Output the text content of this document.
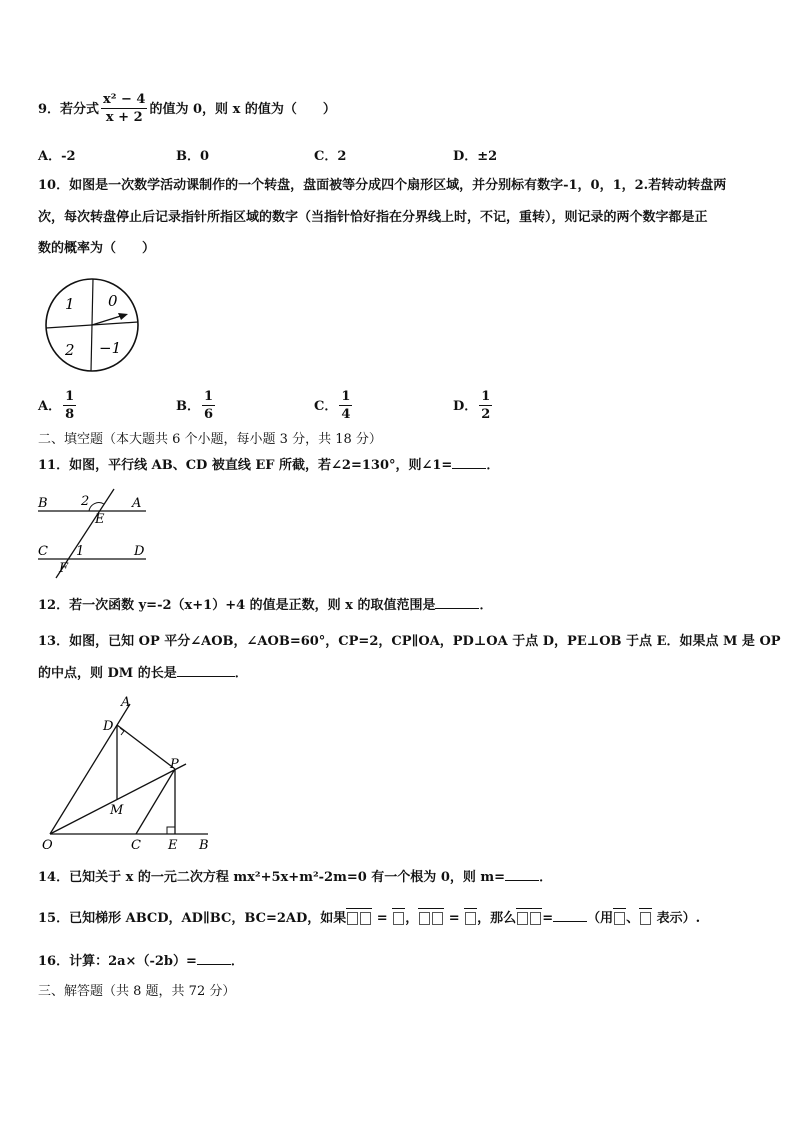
9．若分式 $\frac{\text{x² − 4}}{x + 2}$ 的值为 0，则 x 的值为（　　）
A．-2	B．0	C．2	D．±2
10．如图是一次数学活动课制作的一个转盘，盘面被等分成四个扇形区域，并分别标有数字-1，0，1，2.若转动转盘两
次，每次转盘停止后记录指针所指区域的数字（当指针恰好指在分界线上时，不记，重转），则记录的两个数字都是正
数的概率为（　　）
1 0
2 −1
A． $\frac{1}{8}$	B． $\frac{1}{6}$	C． $\frac{1}{4}$	D． $\frac{1}{2}$
二、填空题（本大题共 6 个小题，每小题 3 分，共 18 分）
11．如图，平行线 AB、CD 被直线 EF 所截，若∠2=130°，则∠1=	．
B	A
2
E
C 1	D
F
12．若一次函数 y=-2（x+1）+4 的值是正数，则 x 的取值范围是	．
13．如图，已知 OP 平分∠AOB，∠AOB=60°，CP=2，CP∥OA，PD⊥OA 于点 D，PE⊥OB 于点 E．如果点 M 是 OP
的中点，则 DM 的长是	．
A
D
P
M
O	C E B
14．已知关于 x 的一元二次方程 mx²+5x+m²-2m=0 有一个根为 0，则 m=	．
15．已知梯形 ABCD，AD∥BC，BC=2AD，如果 = ， = ，那么 =	（用 、 表示）.
16．计算：2a×（-2b）=	．
三、解答题（共 8 题，共 72 分）
